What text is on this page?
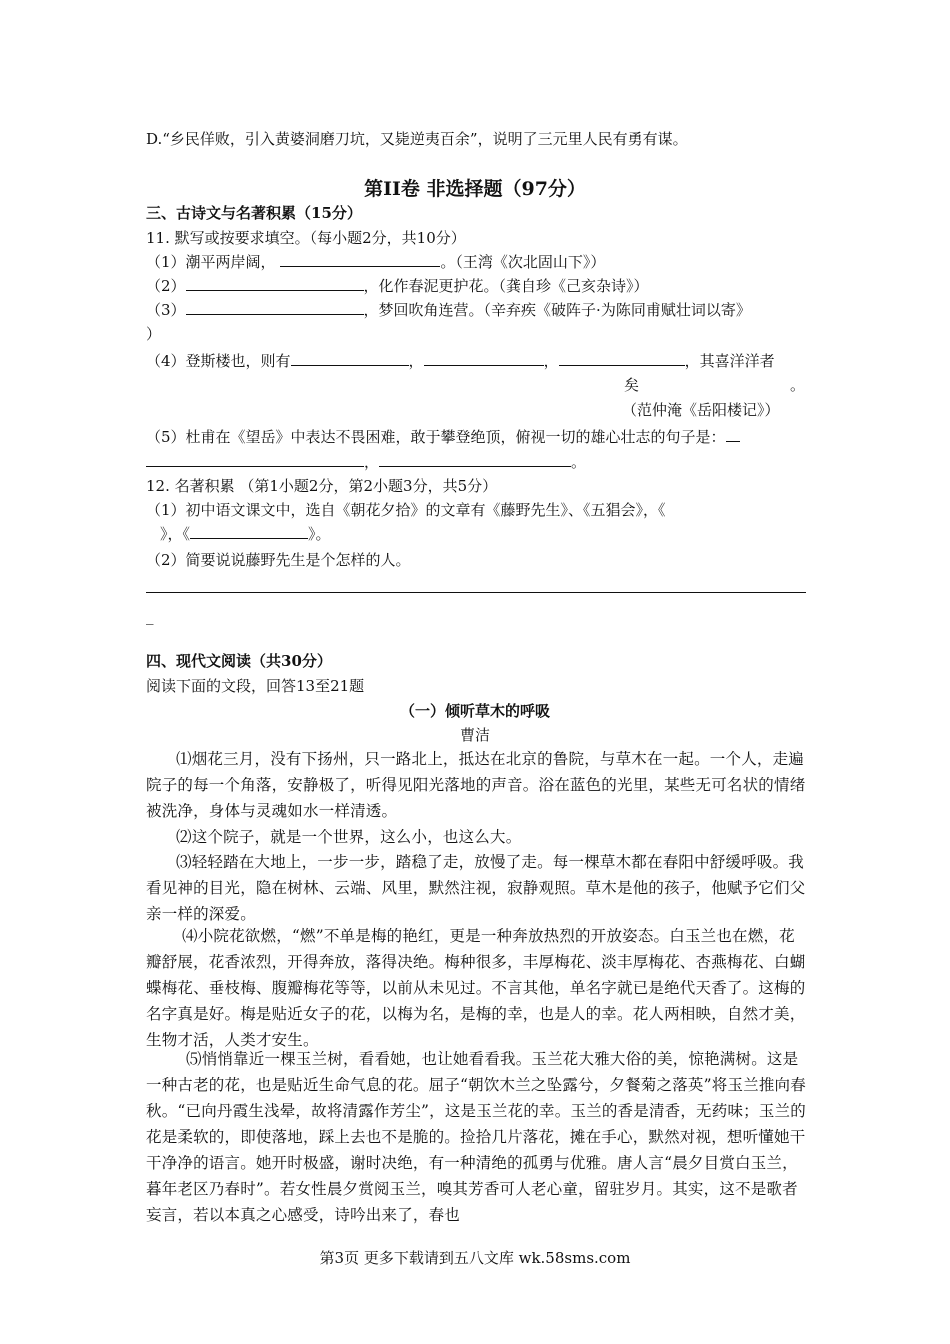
D.“乡民佯败，引入黄婆洞磨刀坑，又毙逆夷百余”，说明了三元里人民有勇有谋。
第II卷 非选择题（97分）
三、古诗文与名著积累（15分）
11. 默写或按要求填空。（每小题2分，共10分）
（1）潮平两岸阔，	。（王湾《次北固山下》）
（2）	，化作春泥更护花。（龚自珍《己亥杂诗》）
（3）	，梦回吹角连营。（辛弃疾《破阵子·为陈同甫赋壮词以寄》
）
（4）登斯楼也，则有	，	，	，其喜洋洋者
矣	。
（范仲淹《岳阳楼记》）
（5）杜甫在《望岳》中表达不畏困难，敢于攀登绝顶，俯视一切的雄心壮志的句子是：
，	。
12. 名著积累 （第1小题2分，第2小题3分，共5分）
（1）初中语文课文中，选自《朝花夕拾》的文章有《藤野先生》、《五猖会》，《
》，《	》。
（2）简要说说藤野先生是个怎样的人。
_
四、现代文阅读（共30分）
阅读下面的文段，回答13至21题
（一）倾听草木的呼吸
曹洁
⑴烟花三月，没有下扬州，只一路北上，抵达在北京的鲁院，与草木在一起。一个人，走遍院子的每一个角落，安静极了，听得见阳光落地的声音。浴在蓝色的光里，某些无可名状的情绪被洗净，身体与灵魂如水一样清透。
⑵这个院子，就是一个世界，这么小，也这么大。
⑶轻轻踏在大地上，一步一步，踏稳了走，放慢了走。每一棵草木都在春阳中舒缓呼吸。我看见神的目光，隐在树林、云端、风里，默然注视，寂静观照。草木是他的孩子，他赋予它们父亲一样的深爱。
⑷小院花欲燃，“燃”不单是梅的艳红，更是一种奔放热烈的开放姿态。白玉兰也在燃，花瓣舒展，花香浓烈，开得奔放，落得决绝。梅种很多，丰厚梅花、淡丰厚梅花、杏燕梅花、白蝴蝶梅花、垂枝梅、腹瓣梅花等等，以前从未见过。不言其他，单名字就已是绝代天香了。这梅的名字真是好。梅是贴近女子的花，以梅为名，是梅的幸，也是人的幸。花人两相映，自然才美，生物才活，人类才安生。
⑸悄悄靠近一棵玉兰树，看看她，也让她看看我。玉兰花大雅大俗的美，惊艳满树。这是一种古老的花，也是贴近生命气息的花。屈子“朝饮木兰之坠露兮，夕餐菊之落英”将玉兰推向春秋。“已向丹霞生浅晕，故将清露作芳尘”，这是玉兰花的幸。玉兰的香是清香，无药味；玉兰的花是柔软的，即使落地，踩上去也不是脆的。捡拾几片落花，摊在手心，默然对视，想听懂她干干净净的语言。她开时极盛，谢时决绝，有一种清绝的孤勇与优雅。唐人言“晨夕目赏白玉兰，暮年老区乃春时”。若女性晨夕赏阅玉兰，嗅其芳香可人老心童，留驻岁月。其实，这不是歌者妄言，若以本真之心感受，诗吟出来了，春也
第3页 更多下载请到五八文库 wk.58sms.com
